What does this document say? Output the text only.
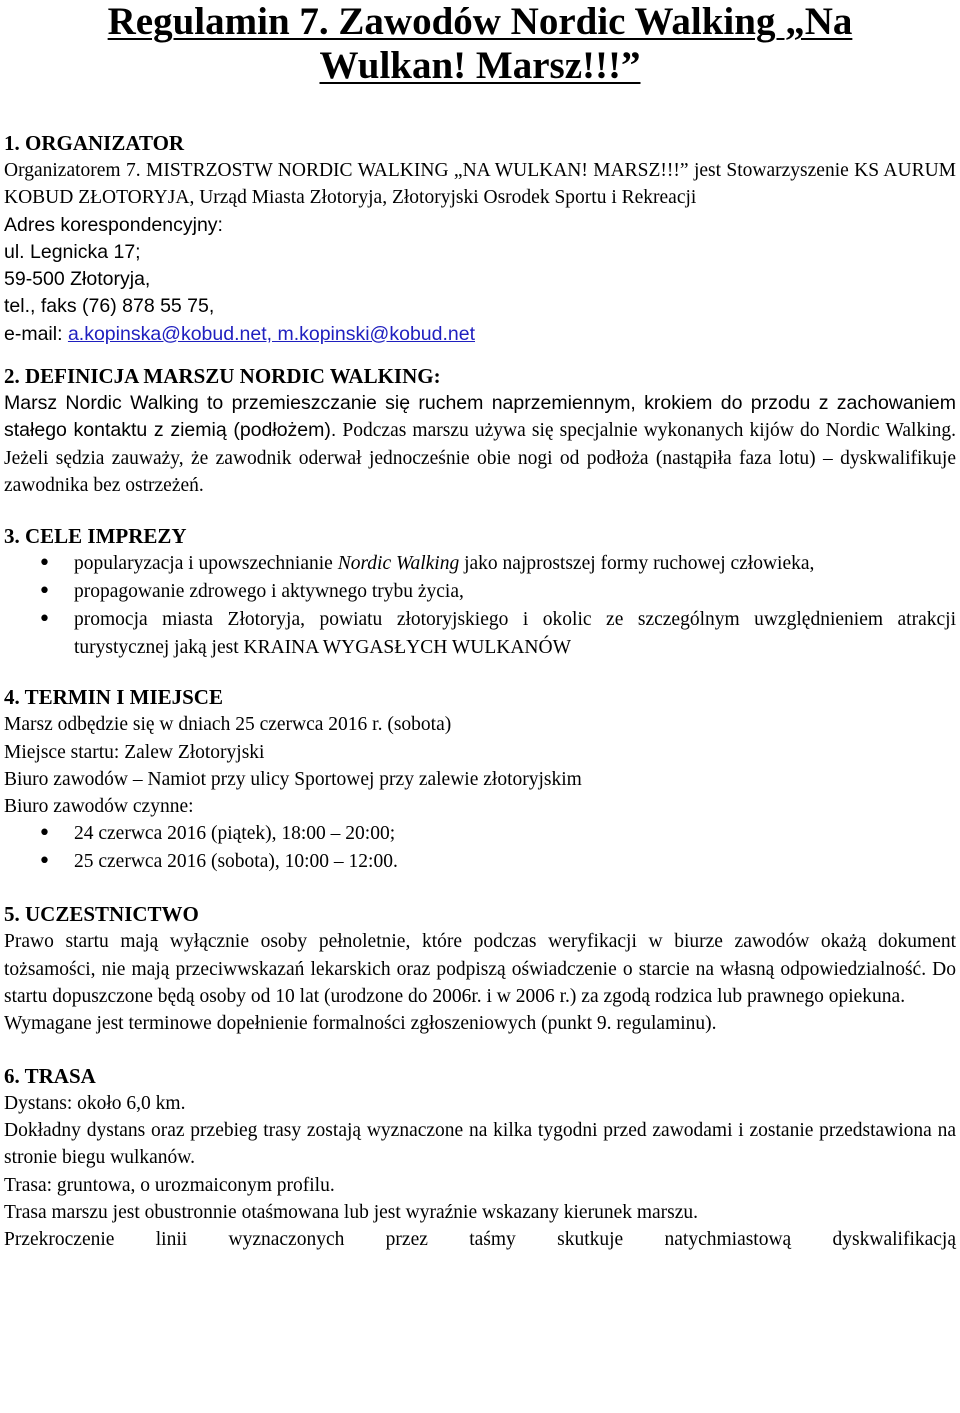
Regulamin 7. Zawodów Nordic Walking „Na
Wulkan! Marsz!!!”
1. ORGANIZATOR
Organizatorem 7. MISTRZOSTW NORDIC WALKING „NA WULKAN! MARSZ!!!” jest Stowarzyszenie KS AURUM KOBUD ZŁOTORYJA, Urząd Miasta Złotoryja, Złotoryjski Osrodek Sportu i Rekreacji
Adres korespondencyjny:
ul. Legnicka 17;
59-500 Złotoryja,
tel., faks (76) 878 55 75,
e-mail: a.kopinska@kobud.net, m.kopinski@kobud.net
2. DEFINICJA MARSZU NORDIC WALKING:
Marsz Nordic Walking to przemieszczanie się ruchem naprzemiennym, krokiem do przodu z zachowaniem stałego kontaktu z ziemią (podłożem). Podczas marszu używa się specjalnie wykonanych kijów do Nordic Walking. Jeżeli sędzia zauważy, że zawodnik oderwał jednocześnie obie nogi od podłoża (nastąpiła faza lotu) – dyskwalifikuje zawodnika bez ostrzeżeń.
3. CELE IMPREZY
• popularyzacja i upowszechnianie Nordic Walking jako najprostszej formy ruchowej człowieka,
• propagowanie zdrowego i aktywnego trybu życia,
• promocja miasta Złotoryja, powiatu złotoryjskiego i okolic ze szczególnym uwzględnieniem atrakcji turystycznej jaką jest KRAINA WYGASŁYCH WULKANÓW
4. TERMIN I MIEJSCE
Marsz odbędzie się w dniach 25 czerwca 2016 r. (sobota)
Miejsce startu: Zalew Złotoryjski
Biuro zawodów – Namiot przy ulicy Sportowej przy zalewie złotoryjskim
Biuro zawodów czynne:
• 24 czerwca 2016 (piątek), 18:00 – 20:00;
• 25 czerwca 2016 (sobota), 10:00 – 12:00.
5. UCZESTNICTWO
Prawo startu mają wyłącznie osoby pełnoletnie, które podczas weryfikacji w biurze zawodów okażą dokument tożsamości, nie mają przeciwwskazań lekarskich oraz podpiszą oświadczenie o starcie na własną odpowiedzialność. Do startu dopuszczone będą osoby od 10 lat (urodzone do 2006r. i w 2006 r.) za zgodą rodzica lub prawnego opiekuna.
Wymagane jest terminowe dopełnienie formalności zgłoszeniowych (punkt 9. regulaminu).
6. TRASA
Dystans: około 6,0 km.
Dokładny dystans oraz przebieg trasy zostają wyznaczone na kilka tygodni przed zawodami i zostanie przedstawiona na stronie biegu wulkanów.
Trasa: gruntowa, o urozmaiconym profilu.
Trasa marszu jest obustronnie otaśmowana lub jest wyraźnie wskazany kierunek marszu.
Przekroczenie linii wyznaczonych przez taśmy skutkuje natychmiastową dyskwalifikacją
